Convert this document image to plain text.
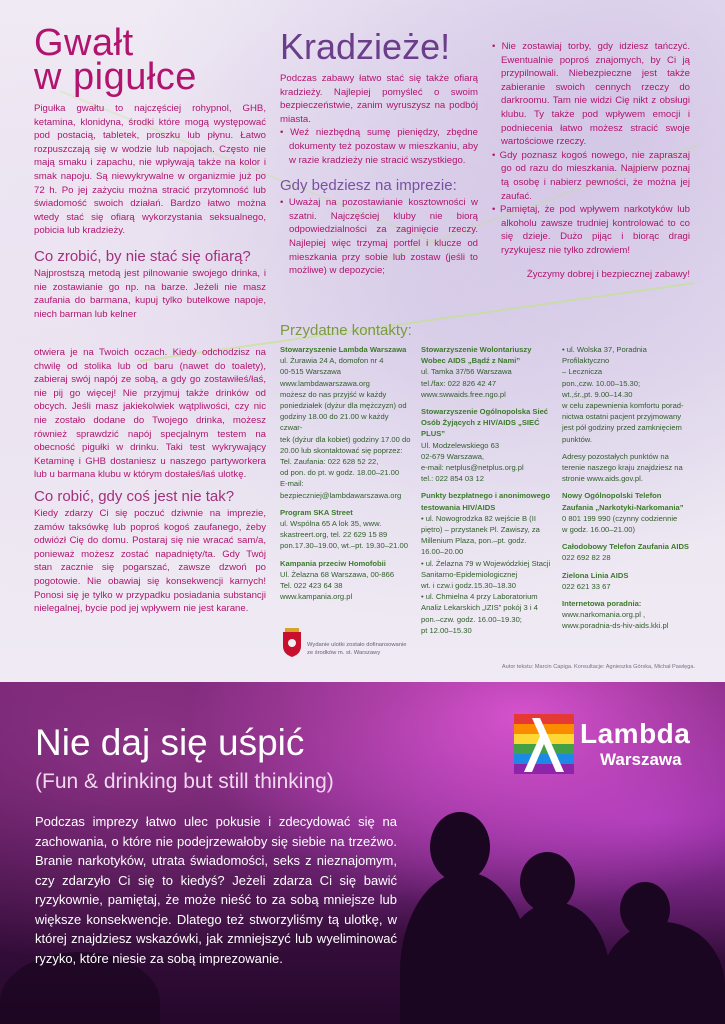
Gwałt
w pigułce

Pigułka gwałtu to najczęściej rohypnol, GHB, ketamina, klonidyna, środki które mogą występować pod postacią, tabletek, proszku lub płynu. Łatwo rozpuszczają się w wodzie lub napojach. Często nie mają smaku i zapachu, nie wpływają także na kolor i smak napoju. Są niewykrywalne w organizmie już po 72 h. Po jej zażyciu można stracić przytomność lub świadomość swoich działań. Bardzo łatwo można wtedy stać się ofiarą wykorzystania seksualnego, pobicia lub kradzieży.

Co zrobić, by nie stać się ofiarą?

Najprostszą metodą jest pilnowanie swojego drinka, i nie zostawianie go np. na barze. Jeżeli nie masz zaufania do barmana, kupuj tylko butelkowe napoje, niech barman lub kelner

otwiera je na Twoich oczach. Kiedy odchodzisz na chwilę od stolika lub od baru (nawet do toalety), zabieraj swój napój ze sobą, a gdy go zostawiłeś/łaś, nie pij go więcej! Nie przyjmuj także drinków od obcych. Jeśli masz jakiekolwiek wątpliwości, czy nic nie zostało dodane do Twojego drinka, możesz również sprawdzić napój specjalnym testem na obecność pigułki w drinku. Taki test wykrywający Ketaminę i GHB dostaniesz u naszego partyworkera lub u barmana klubu w którym dostałeś/łaś ulotkę.

Co robić, gdy coś jest nie tak?

Kiedy zdarzy Ci się poczuć dziwnie na imprezie, zamów taksówkę lub poproś kogoś zaufanego, żeby odwiózł Cię do domu. Postaraj się nie wracać sam/a, ponieważ możesz zostać napadnięty/ta. Gdy Twój stan zacznie się pogarszać, zawsze dzwoń po pogotowie. Nie obawiaj się konsekwencji karnych! Ponosi się je tylko w przypadku posiadania substancji nielegalnej, bycie pod jej wpływem nie jest karane.

Kradzieże!

Podczas zabawy łatwo stać się także ofiarą kradzieży. Najlepiej pomyśleć o swoim bezpieczeństwie, zanim wyruszysz na podbój miasta.

• Weź niezbędną sumę pieniędzy, zbędne dokumenty też pozostaw w mieszkaniu, aby w razie kradzieży nie stracić wszystkiego.
Gdy będziesz na imprezie:
• Uważaj na pozostawianie kosztowności w szatni. Najczęściej kluby nie biorą odpowiedzialności za zaginięcie rzeczy. Najlepiej więc trzymaj portfel i klucze od mieszkania przy sobie lub zostaw (jeśli to możliwe) w depozycie;
• Nie zostawiaj torby, gdy idziesz tańczyć. Ewentualnie poproś znajomych, by Ci ją przypilnowali. Niebezpieczne jest także zabieranie swoich cennych rzeczy do darkroomu. Tam nie widzi Cię nikt z obsługi klubu. Ty także pod wpływem emocji i podniecenia łatwo możesz stracić swoje wartościowe rzeczy.
• Gdy poznasz kogoś nowego, nie zapraszaj go od razu do mieszkania. Najpierw poznaj tą osobę i nabierz pewności, że można jej zaufać.
• Pamiętaj, że pod wpływem narkotyków lub alkoholu zawsze trudniej kontrolować to co się dzieje. Dużo pijąc i biorąc dragi ryzykujesz nie tylko zdrowiem!

Życzymy dobrej i bezpiecznej zabawy!

Przydatne kontakty:
Stowarzyszenie Lambda Warszawa
ul. Żurawia 24 A, domofon nr 4
00-515 Warszawa
www.lambdawarszawa.org
możesz do nas przyjść w każdy
poniedziałek (dyżur dla mężczyzn) od
godziny 18.00 do 21.00 w każdy czwar-
tek (dyżur dla kobiet) godziny 17.00 do
20.00 lub skontaktować się poprzez:
Tel. Zaufania: 022 628 52 22,
od pon. do pt. w godz. 18.00–21.00
E-mail:
bezpieczniej@lambdawarszawa.org
Program SKA Street
ul. Wspólna 65 A lok 35, www.
skastreert.org, tel. 22 629 15 89
pon.17.30–19.00, wt.–pt. 19.30–21.00
Kampania przeciw Homofobii
Ul. Żelazna 68 Warszawa, 00-866
Tel. 022 423 64 38
www.kampania.org.pl
Stowarzyszenie Wolontariuszy Wobec AIDS „Bądź z Nami”
ul. Tamka 37/56 Warszawa
tel./fax: 022 826 42 47
www.swwaids.free.ngo.pl
Stowarzyszenie Ogólnopolska Sieć Osób Żyjących z HIV/AIDS „SIEĆ PLUS”
Ul. Modzelewskiego 63
02-679 Warszawa,
e-mail: netplus@netplus.org.pl
tel.: 022 854 03 12
Punkty bezpłatnego i anonimowego testowania HIV/AIDS
• ul. Nowogrodzka 82 wejście B (II
piętro) – przystanek Pl. Zawiszy, za
Millenium Plaza, pon.–pt. godz.
16.00–20.00
• ul. Żelazna 79 w Wojewódzkiej Stacji
Sanitarno-Epidemiologicznej
wt. i czw.i godz.15.30–18.30
• ul. Chmielna 4 przy Laboratorium
Analiz Lekarskich „IZIS” pokój 3 i 4
pon.–czw. godz. 16.00–19.30;
pt 12.00–15.30
• ul. Wolska 37, Poradnia Profilaktyczno
– Lecznicza
pon.,czw. 10.00–15.30;
wt.,śr.,pt. 9.00–14.30
w celu zapewnienia komfortu porad-
nictwa ostatni pacjent przyjmowany
jest pół godziny przed zamknięciem
punktów.
Adresy pozostałych punktów na
terenie naszego kraju znajdziesz na
stronie www.aids.gov.pl.
Nowy Ogólnopolski Telefon Zaufania „Narkotyki-Narkomania”
0 801 199 990 (czynny codziennie
w godz. 16.00–21.00)
Całodobowy Telefon Zaufania AIDS
022 692 82 28
Zielona Linia AIDS
022 621 33 67
Internetowa poradnia:
www.narkomania.org.pl ,
www.poradnia-ds-hiv-aids.kki.pl
Wydanie ulotki zostało dofinansowanie ze środków m. st. Warszawy
Autor tekstu: Marcin Capiga. Konsultacje: Agnieszka Górska, Michał Pawlęga.
Nie daj się uśpić
(Fun & drinking but still thinking)
Podczas imprezy łatwo ulec pokusie i zdecydować się na zachowania, o które nie podejrzewałoby się siebie na trzeźwo. Branie narkotyków, utrata świadomości, seks z nieznajomym, czy zdarzyło Ci się to kiedyś? Jeżeli zdarza Ci się bawić ryzykownie, pamiętaj, że może nieść to za sobą mniejsze lub większe konsekwencje. Dlatego też stworzyliśmy tą ulotkę, w której znajdziesz wskazówki, jak zmniejszyć lub wyeliminować ryzyko, które niesie za sobą imprezowanie.
Lambda
Warszawa
